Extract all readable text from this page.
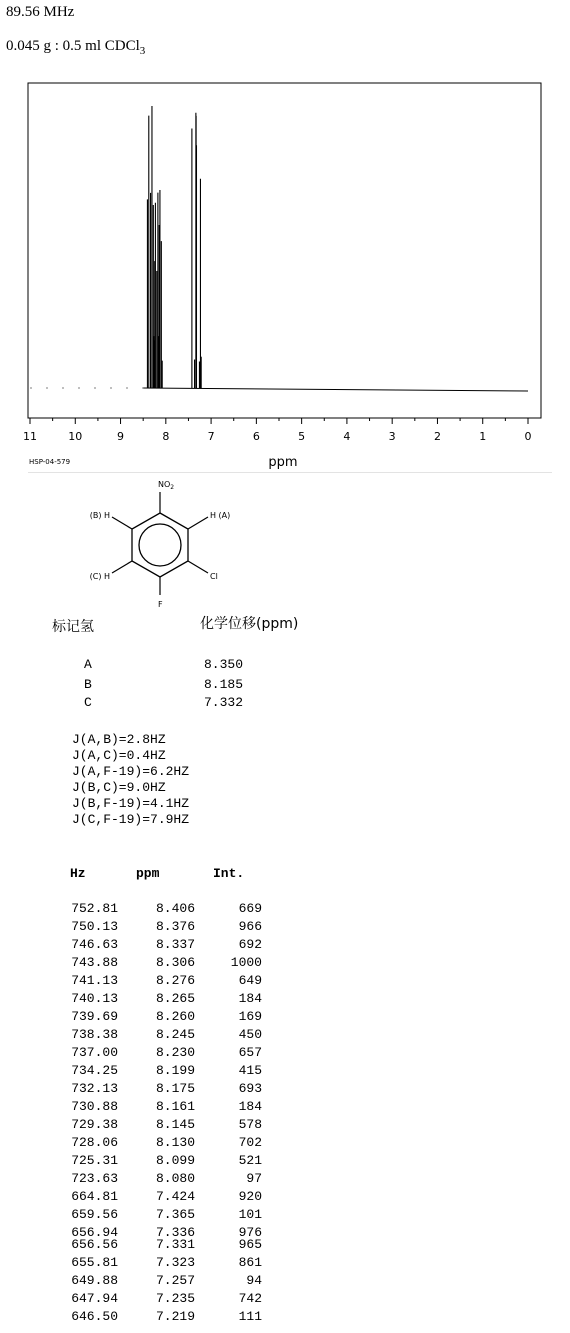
89.56 MHz
0.045 g : 0.5 ml CDCl$_3$
11	10	9	8	7	6	5	4	3	2	1	0
ppm
HSP-04-579
$NO_2$
H (A)
(B) H
(C) H	Cl
F
标记氢	化学位移(ppm)
A	8.350
B	8.185
C	7.332
J(A,B)=2.8HZ
J(A,C)=0.4HZ
J(A,F-19)=6.2HZ
J(B,C)=9.0HZ
J(B,F-19)=4.1HZ
J(C,F-19)=7.9HZ
Hz	ppm	Int.
752.81	8.406	669
750.13	8.376	966
746.63	8.337	692
743.88	8.306	1000
741.13	8.276	649
740.13	8.265	184
739.69	8.260	169
738.38	8.245	450
737.00	8.230	657
734.25	8.199	415
732.13	8.175	693
730.88	8.161	184
729.38	8.145	578
728.06	8.130	702
725.31	8.099	521
723.63	8.080	97
664.81	7.424	920
659.56	7.365	101
656.94	7.336	976
656.56	7.331	965
655.81	7.323	861
649.88	7.257	94
647.94	7.235	742
646.50	7.219	111
